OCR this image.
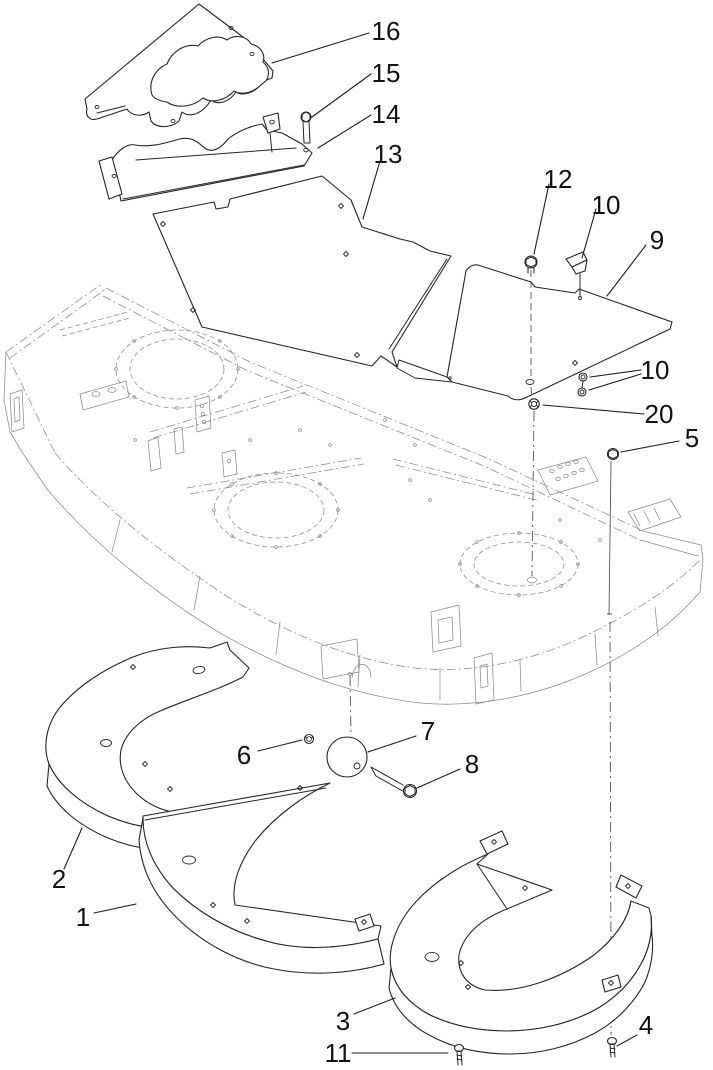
16
15
14
13
12
10
9
10
20
5
6
7
8
2
1
3
11
4
